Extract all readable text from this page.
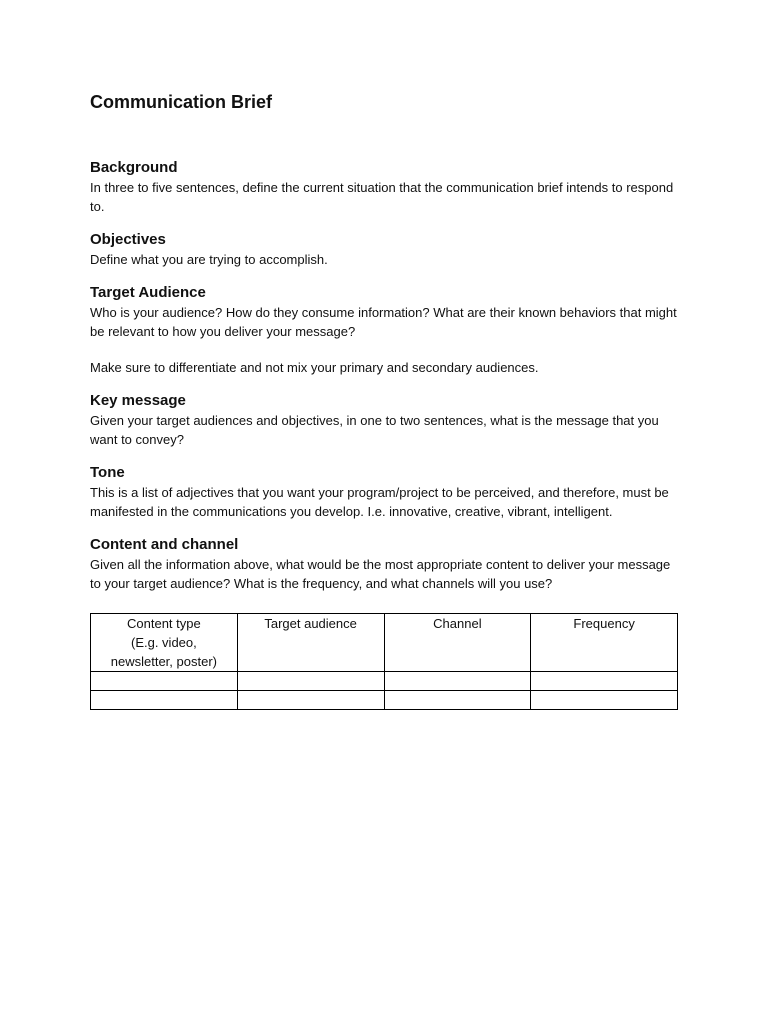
Communication Brief
Background

In three to five sentences, define the current situation that the communication brief intends to respond to.

Objectives

Define what you are trying to accomplish.

Target Audience

Who is your audience? How do they consume information? What are their known behaviors that might be relevant to how you deliver your message?

Make sure to differentiate and not mix your primary and secondary audiences.

Key message

Given your target audiences and objectives, in one to two sentences, what is the message that you want to convey?

Tone

This is a list of adjectives that you want your program/project to be perceived, and therefore, must be manifested in the communications you develop. I.e. innovative, creative, vibrant, intelligent.

Content and channel

Given all the information above, what would be the most appropriate content to deliver your message to your target audience? What is the frequency, and what channels will you use?

Content type
(E.g. video,
newsletter, poster)	Target audience	Channel	Frequency
